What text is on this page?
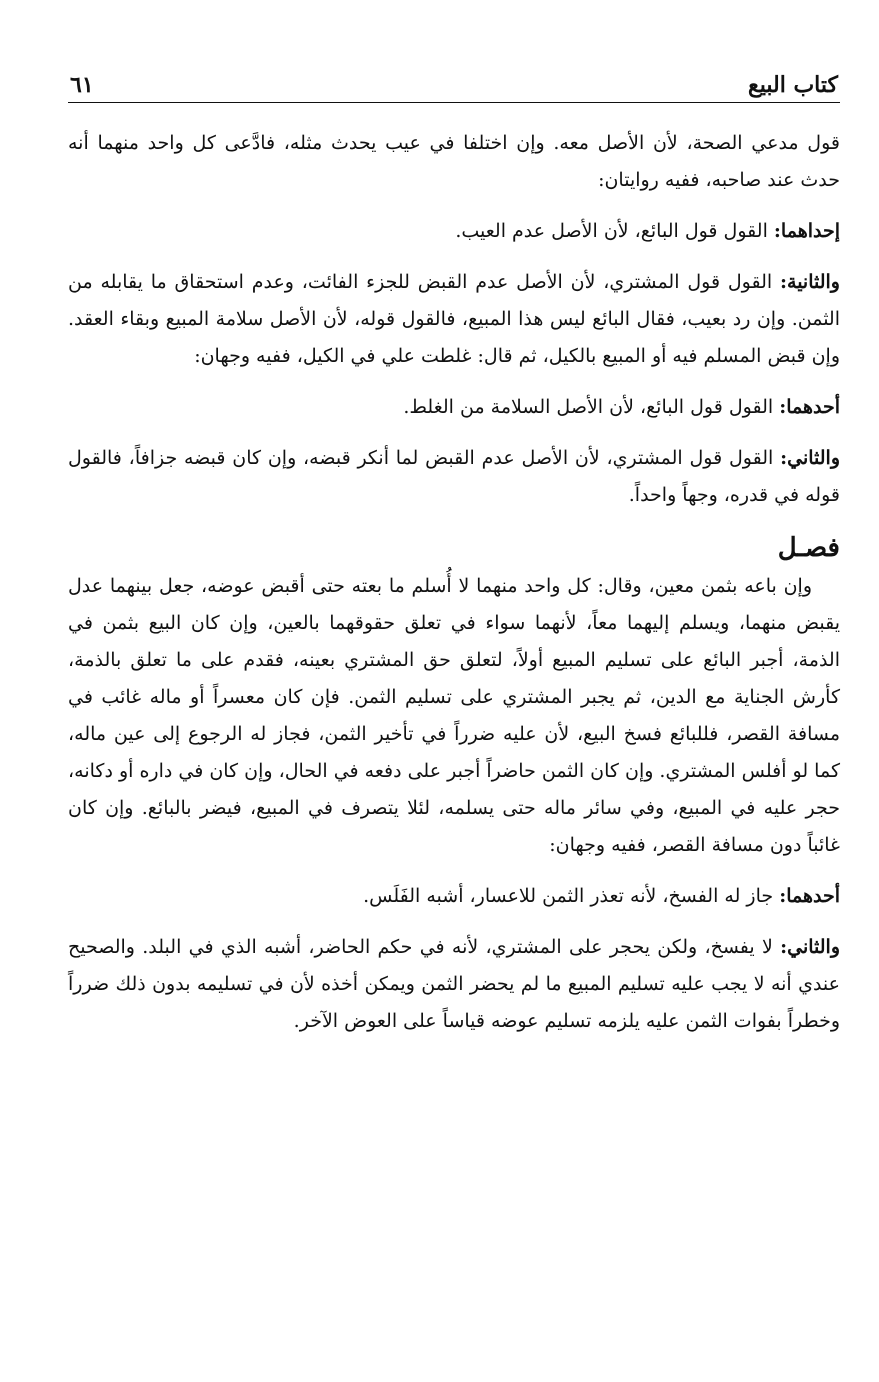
كتاب البيع
٦١

قول مدعي الصحة، لأن الأصل معه. وإن اختلفا في عيب يحدث مثله، فادَّعى كل واحد منهما أنه حدث عند صاحبه، ففيه روايتان:

إحداهما: القول قول البائع، لأن الأصل عدم العيب.

والثانية: القول قول المشتري، لأن الأصل عدم القبض للجزء الفائت، وعدم استحقاق ما يقابله من الثمن. وإن رد بعيب، فقال البائع ليس هذا المبيع، فالقول قوله، لأن الأصل سلامة المبيع وبقاء العقد. وإن قبض المسلم فيه أو المبيع بالكيل، ثم قال: غلطت علي في الكيل، ففيه وجهان:

أحدهما: القول قول البائع، لأن الأصل السلامة من الغلط.

والثاني: القول قول المشتري، لأن الأصل عدم القبض لما أنكر قبضه، وإن كان قبضه جزافاً، فالقول قوله في قدره، وجهاً واحداً.

فصـل

وإن باعه بثمن معين، وقال: كل واحد منهما لا أُسلم ما بعته حتى أقبض عوضه، جعل بينهما عدل يقبض منهما، ويسلم إليهما معاً، لأنهما سواء في تعلق حقوقهما بالعين، وإن كان البيع بثمن في الذمة، أجبر البائع على تسليم المبيع أولاً، لتعلق حق المشتري بعينه، فقدم على ما تعلق بالذمة، كأرش الجناية مع الدين، ثم يجبر المشتري على تسليم الثمن. فإن كان معسراً أو ماله غائب في مسافة القصر، فللبائع فسخ البيع، لأن عليه ضرراً في تأخير الثمن، فجاز له الرجوع إلى عين ماله، كما لو أفلس المشتري. وإن كان الثمن حاضراً أجبر على دفعه في الحال، وإن كان في داره أو دكانه، حجر عليه في المبيع، وفي سائر ماله حتى يسلمه، لئلا يتصرف في المبيع، فيضر بالبائع. وإن كان غائباً دون مسافة القصر، ففيه وجهان:

أحدهما: جاز له الفسخ، لأنه تعذر الثمن للاعسار، أشبه الفَلَس.

والثاني: لا يفسخ، ولكن يحجر على المشتري، لأنه في حكم الحاضر، أشبه الذي في البلد. والصحيح عندي أنه لا يجب عليه تسليم المبيع ما لم يحضر الثمن ويمكن أخذه لأن في تسليمه بدون ذلك ضرراً وخطراً بفوات الثمن عليه يلزمه تسليم عوضه قياساً على العوض الآخر.
